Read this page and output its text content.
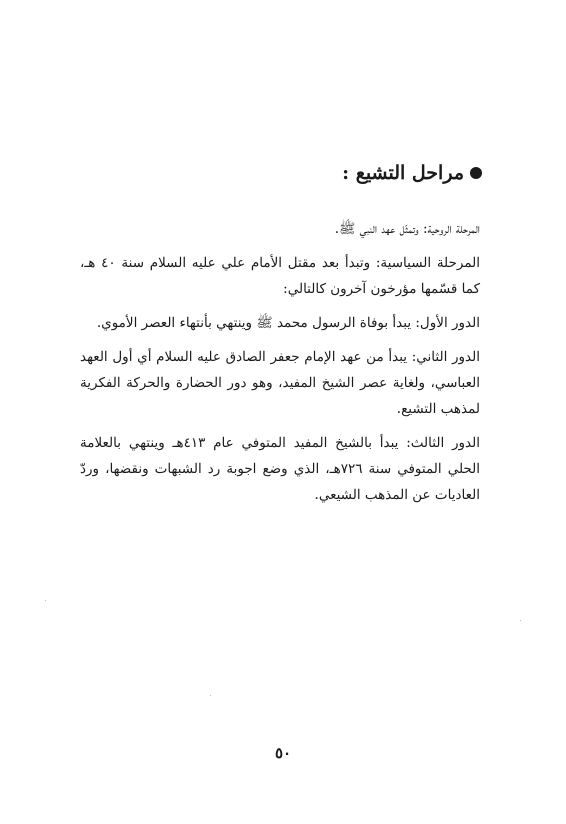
مراحل التشيع :

المرحلة الروحية: وتمثّل عهد النبي ﷺ.

المرحلة السياسية: وتبدأ بعد مقتل الأمام علي عليه السلام سنة ٤٠ هـ، كما قسّمها مؤرخون آخرون كالتالي:

الدور الأول: يبدأ بوفاة الرسول محمد ﷺ وينتهي بأنتهاء العصر الأموي.

الدور الثاني: يبدأ من عهد الإمام جعفر الصادق عليه السلام أي أول العهد العباسي، ولغاية عصر الشيخ المفيد، وهو دور الحضارة والحركة الفكرية لمذهب التشيع.

الدور الثالث: يبدأ بالشيخ المفيد المتوفي عام ٤١٣هـ وينتهي بالعلامة الحلي المتوفي سنة ٧٢٦هـ، الذي وضع اجوبة رد الشبهات ونقضها، وردّ العاديات عن المذهب الشيعي.

٥٠
